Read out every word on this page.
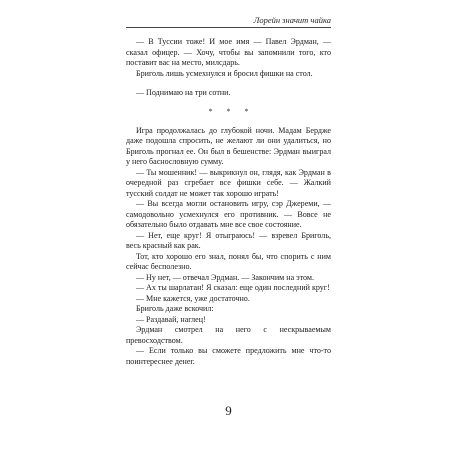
Лорейн значит чайка

— В Туссии тоже! И мое имя — Павел Эрдман, — сказал офицер. — Хочу, чтобы вы запомнили того, кто поставит вас на место, милсдарь.

Бриголь лишь усмехнулся и бросил фишки на стол.

— Поднимаю на три сотни.

* * *

Игра продолжалась до глубокой ночи. Мадам Бердже даже подошла спросить, не желают ли они удалиться, но Бриголь прогнал ее. Он был в бешенстве: Эрдман выиграл у него баснословную сумму.

— Ты мошенник! — выкрикнул он, глядя, как Эрдман в очередной раз сгребает все фишки себе. — Жалкий тусский солдат не может так хорошо играть!

— Вы всегда могли остановить игру, сэр Джереми, — самодовольно усмехнулся его противник. — Вовсе не обязательно было отдавать мне все свое состояние.

— Нет, еще круг! Я отыграюсь! — взревел Бриголь, весь красный как рак.

Тот, кто хорошо его знал, понял бы, что спорить с ним сейчас бесполезно.

— Ну нет, — отвечал Эрдман. — Закончим на этом.

— Ах ты шарлатан! Я сказал: еще один последний круг!

— Мне кажется, уже достаточно.

Бриголь даже вскочил:

— Раздавай, наглец!

Эрдман смотрел на него с нескрываемым превосходством.

— Если только вы сможете предложить мне что-то поинтереснее денег.

9
